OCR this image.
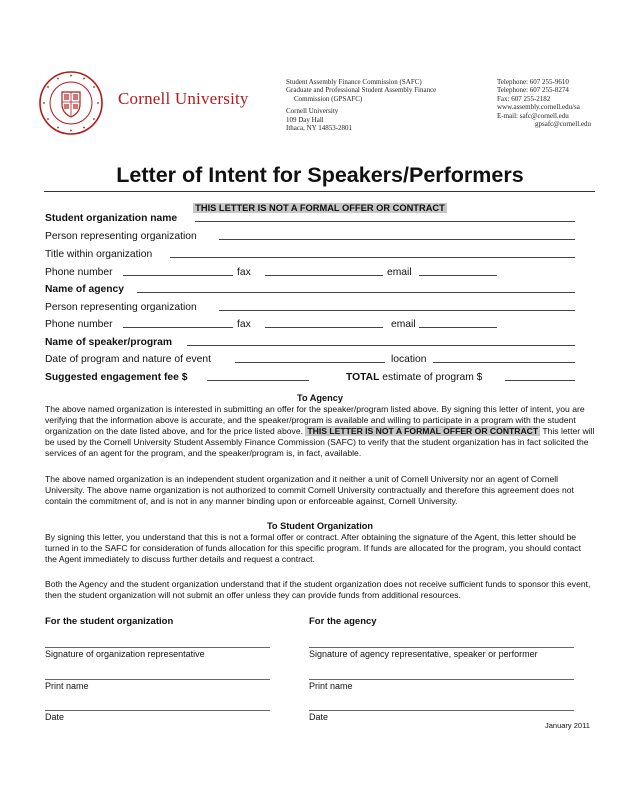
Cornell University
Student Assembly Finance Commission (SAFC)
Graduate and Professional Student Assembly Finance
Commission (GPSAFC)
Cornell University
109 Day Hall
Ithaca, NY 14853-2801
Telephone: 607 255-9610
Telephone: 607 255-8274
Fax: 607 255-2182
www.assembly.cornell.edu/sa
E-mail: safc@cornell.edu
gpsafc@cornell.edu
Letter of Intent for Speakers/Performers
THIS LETTER IS NOT A FORMAL OFFER OR CONTRACT
Student organization name
Person representing organization
Title within organization
Phone number	fax	email
Name of agency
Person representing organization
Phone number	fax	email
Name of speaker/program
Date of program and nature of event	location
Suggested engagement fee $	TOTAL estimate of program $
To Agency
The above named organization is interested in submitting an offer for the speaker/program listed above. By signing this letter of intent, you are verifying that the information above is accurate, and the speaker/program is available and willing to participate in a program with the student organization on the date listed above, and for the price listed above. THIS LETTER IS NOT A FORMAL OFFER OR CONTRACT This letter will be used by the Cornell University Student Assembly Finance Commission (SAFC) to verify that the student organization has in fact solicited the services of an agent for the program, and the speaker/program is, in fact, available.
The above named organization is an independent student organization and it neither a unit of Cornell University nor an agent of Cornell University. The above name organization is not authorized to commit Cornell University contractually and therefore this agreement does not contain the commitment of, and is not in any manner binding upon or enforceable against, Cornell University.
To Student Organization
By signing this letter, you understand that this is not a formal offer or contract. After obtaining the signature of the Agent, this letter should be turned in to the SAFC for consideration of funds allocation for this specific program. If funds are allocated for the program, you should contact the Agent immediately to discuss further details and request a contract.
Both the Agency and the student organization understand that if the student organization does not receive sufficient funds to sponsor this event, then the student organization will not submit an offer unless they can provide funds from additional resources.
For the student organization	For the agency
Signature of organization representative	Signature of agency representative, speaker or performer
Print name	Print name
Date	Date
January 2011
